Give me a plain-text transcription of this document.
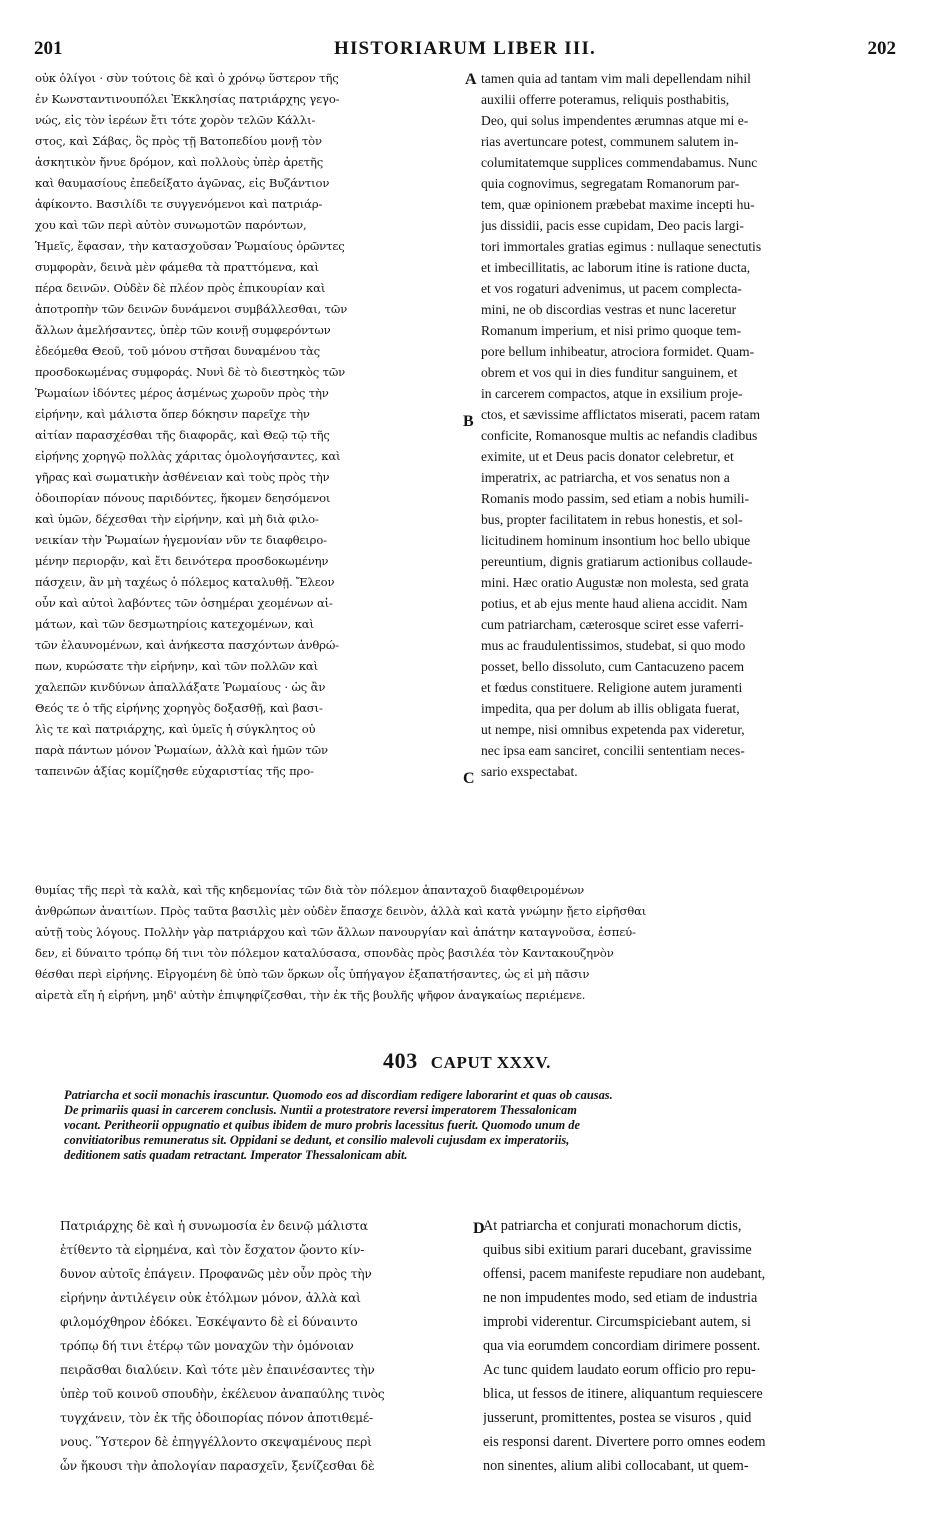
201	HISTORIARUM LIBER III.	202
οὐκ ὀλίγοι · σὺν τούτοις δὲ καὶ ὁ χρόνῳ ὕστερον τῆς
ἐν Κωνσταντινουπόλει Ἐκκλησίας πατριάρχης γεγο-
νώς, εἰς τὸν ἱερέων ἔτι τότε χορὸν τελῶν Κάλλι-
στος, καὶ Σάβας, ὃς πρὸς τῇ Βατοπεδίου μονῇ τὸν
ἀσκητικὸν ἤνυε δρόμον, καὶ πολλοὺς ὑπὲρ ἀρετῆς
καὶ θαυμασίους ἐπεδείξατο ἀγῶνας, εἰς Βυζάντιον
ἀφίκοντο. Βασιλίδι τε συγγενόμενοι καὶ πατριάρ-
χου καὶ τῶν περὶ αὐτὸν συνωμοτῶν παρόντων,
Ἡμεῖς, ἔφασαν, τὴν κατασχοῦσαν Ῥωμαίους ὁρῶντες
συμφορὰν, δεινὰ μὲν φάμεθα τὰ πραττόμενα, καὶ
πέρα δεινῶν. Οὐδὲν δὲ πλέον πρὸς ἐπικουρίαν καὶ
ἀποτροπὴν τῶν δεινῶν δυνάμενοι συμβάλλεσθαι, τῶν
ἄλλων ἀμελήσαντες, ὑπὲρ τῶν κοινῇ συμφερόντων
ἐδεόμεθα Θεοῦ, τοῦ μόνου στῆσαι δυναμένου τὰς
προσδοκωμένας συμφοράς. Νυνὶ δὲ τὸ διεστηκὸς τῶν
Ῥωμαίων ἰδόντες μέρος ἀσμένως χωροῦν πρὸς τὴν
εἰρήνην, καὶ μάλιστα ὅπερ δόκησιν παρεῖχε τὴν
αἰτίαν παρασχέσθαι τῆς διαφορᾶς, καὶ Θεῷ τῷ τῆς
εἰρήνης χορηγῷ πολλὰς χάριτας ὁμολογήσαντες, καὶ
γῆρας καὶ σωματικὴν ἀσθένειαν καὶ τοὺς πρὸς τὴν
ὁδοιπορίαν πόνους παριδόντες, ἥκομεν δεησόμενοι
καὶ ὑμῶν, δέχεσθαι τὴν εἰρήνην, καὶ μὴ διὰ φιλο-
νεικίαν τὴν Ῥωμαίων ἡγεμονίαν νῦν τε διαφθειρο-
μένην περιορᾷν, καὶ ἔτι δεινότερα προσδοκωμένην
πάσχειν, ἂν μὴ ταχέως ὁ πόλεμος καταλυθῇ. Ἔλεον
οὖν καὶ αὐτοὶ λαβόντες τῶν ὁσημέραι χεομένων αἱ-
μάτων, καὶ τῶν δεσμωτηρίοις κατεχομένων, καὶ
τῶν ἐλαυνομένων, καὶ ἀνήκεστα πασχόντων ἀνθρώ-
πων, κυρώσατε τὴν εἰρήνην, καὶ τῶν πολλῶν καὶ
χαλεπῶν κινδύνων ἀπαλλάξατε Ῥωμαίους · ὡς ἂν
Θεός τε ὁ τῆς εἰρήνης χορηγὸς δοξασθῇ, καὶ βασι-
λὶς τε καὶ πατριάρχης, καὶ ὑμεῖς ἡ σύγκλητος οὐ
παρὰ πάντων μόνον Ῥωμαίων, ἀλλὰ καὶ ἡμῶν τῶν
ταπεινῶν ἀξίας κομίζησθε εὐχαριστίας τῆς προ-
tamen quia ad tantam vim mali depellendam nihil
auxilii offerre poteramus, reliquis posthabitis,
Deo, qui solus impendentes ærumnas atque mi e-
rias avertuncare potest, communem salutem in-
columitatemque supplices commendabamus. Nunc
quia cognovimus, segregatam Romanorum par-
tem, quæ opinionem præbebat maxime incepti hu-
jus dissidii, pacis esse cupidam, Deo pacis largi-
tori immortales gratias egimus : nullaque senectutis
et imbecillitatis, ac laborum itine is ratione ducta,
et vos rogaturi advenimus, ut pacem complecta-
mini, ne ob discordias vestras et nunc laceretur
Romanum imperium, et nisi primo quoque tem-
pore bellum inhibeatur, atrociora formidet. Quam-
obrem et vos qui in dies funditur sanguinem, et
in carcerem compactos, atque in exsilium proje-
ctos, et sævissime afflictatos miserati, pacem ratam
conficite, Romanosque multis ac nefandis cladibus
eximite, ut et Deus pacis donator celebretur, et
imperatrix, ac patriarcha, et vos senatus non a
Romanis modo passim, sed etiam a nobis humili-
bus, propter facilitatem in rebus honestis, et sol-
licitudinem hominum insontium hoc bello ubique
pereuntium, dignis gratiarum actionibus collaude-
mini. Hæc oratio Augustæ non molesta, sed grata
potius, et ab ejus mente haud aliena accidit. Nam
cum patriarcham, cæterosque sciret esse vaferri-
mus ac fraudulentissimos, studebat, si quo modo
posset, bello dissoluto, cum Cantacuzeno pacem
et fœdus constituere. Religione autem juramenti
impedita, qua per dolum ab illis obligata fuerat,
ut nempe, nisi omnibus expetenda pax videretur,
nec ipsa eam sanciret, concilii sententiam neces-
sario exspectabat.
A
B
C
θυμίας τῆς περὶ τὰ καλὰ, καὶ τῆς κηδεμονίας τῶν διὰ τὸν πόλεμον ἁπανταχοῦ διαφθειρομένων
ἀνθρώπων ἀναιτίων. Πρὸς ταῦτα βασιλὶς μὲν οὐδὲν ἔπασχε δεινὸν, ἀλλὰ καὶ κατὰ γνώμην ᾔετο εἰρῆσθαι
αὐτῇ τοὺς λόγους. Πολλὴν γὰρ πατριάρχου καὶ τῶν ἄλλων πανουργίαν καὶ ἀπάτην καταγνοῦσα, ἐσπεύ-
δεν, εἰ δύναιτο τρόπῳ δή τινι τὸν πόλεμον καταλύσασα, σπονδὰς πρὸς βασιλέα τὸν Καντακουζηνὸν
θέσθαι περὶ εἰρήνης. Εἰργομένη δὲ ὑπὸ τῶν ὅρκων οἷς ὑπήγαγον ἐξαπατήσαντες, ὡς εἰ μὴ πᾶσιν
αἱρετὰ εἴη ἡ εἰρήνη, μηδ' αὐτὴν ἐπιψηφίζεσθαι, τὴν ἐκ τῆς βουλῆς ψῆφον ἀναγκαίως περιέμενε.
403 CAPUT XXXV.
Patriarcha et socii monachis irascuntur. Quomodo eos ad discordiam redigere laborarint et quas ob causas.
De primariis quasi in carcerem conclusis. Nuntii a protestratore reversi imperatorem Thessalonicam
vocant. Peritheorii oppugnatio et quibus ibidem de muro probris lacessitus fuerit. Quomodo unum de
convitiatoribus remuneratus sit. Oppidani se dedunt, et consilio malevoli cujusdam ex imperatoriis,
deditionem satis quadam retractant. Imperator Thessalonicam abit.
Πατριάρχης δὲ καὶ ἡ συνωμοσία ἐν δεινῷ μάλιστα
ἐτίθεντο τὰ εἰρημένα, καὶ τὸν ἔσχατον ᾤοντο κίν-
δυνον αὐτοῖς ἐπάγειν. Προφανῶς μὲν οὖν πρὸς τὴν
εἰρήνην ἀντιλέγειν οὐκ ἐτόλμων μόνον, ἀλλὰ καὶ
φιλομόχθηρον ἐδόκει. Ἐσκέψαντο δὲ εἰ δύναιντο
τρόπῳ δή τινι ἑτέρῳ τῶν μοναχῶν τὴν ὁμόνοιαν
πειρᾶσθαι διαλύειν. Καὶ τότε μὲν ἐπαινέσαντες τὴν
ὑπὲρ τοῦ κοινοῦ σπουδὴν, ἐκέλευον ἀναπαύλης τινὸς
τυγχάνειν, τὸν ἐκ τῆς ὁδοιπορίας πόνον ἀποτιθεμέ-
νους. Ὕστερον δὲ ἐπηγγέλλοντο σκεψαμένους περὶ
ὧν ἥκουσι τὴν ἀπολογίαν παρασχεῖν, ξενίζεσθαι δὲ
D
At patriarcha et conjurati monachorum dictis,
quibus sibi exitium parari ducebant, gravissime
offensi, pacem manifeste repudiare non audebant,
ne non impudentes modo, sed etiam de industria
improbi viderentur. Circumspiciebant autem, si
qua via eorumdem concordiam dirimere possent.
Ac tunc quidem laudato eorum officio pro repu-
blica, ut fessos de itinere, aliquantum requiescere
jusserunt, promittentes, postea se visuros , quid
eis responsi darent. Divertere porro omnes eodem
non sinentes, alium alibi collocabant, ut quem-
